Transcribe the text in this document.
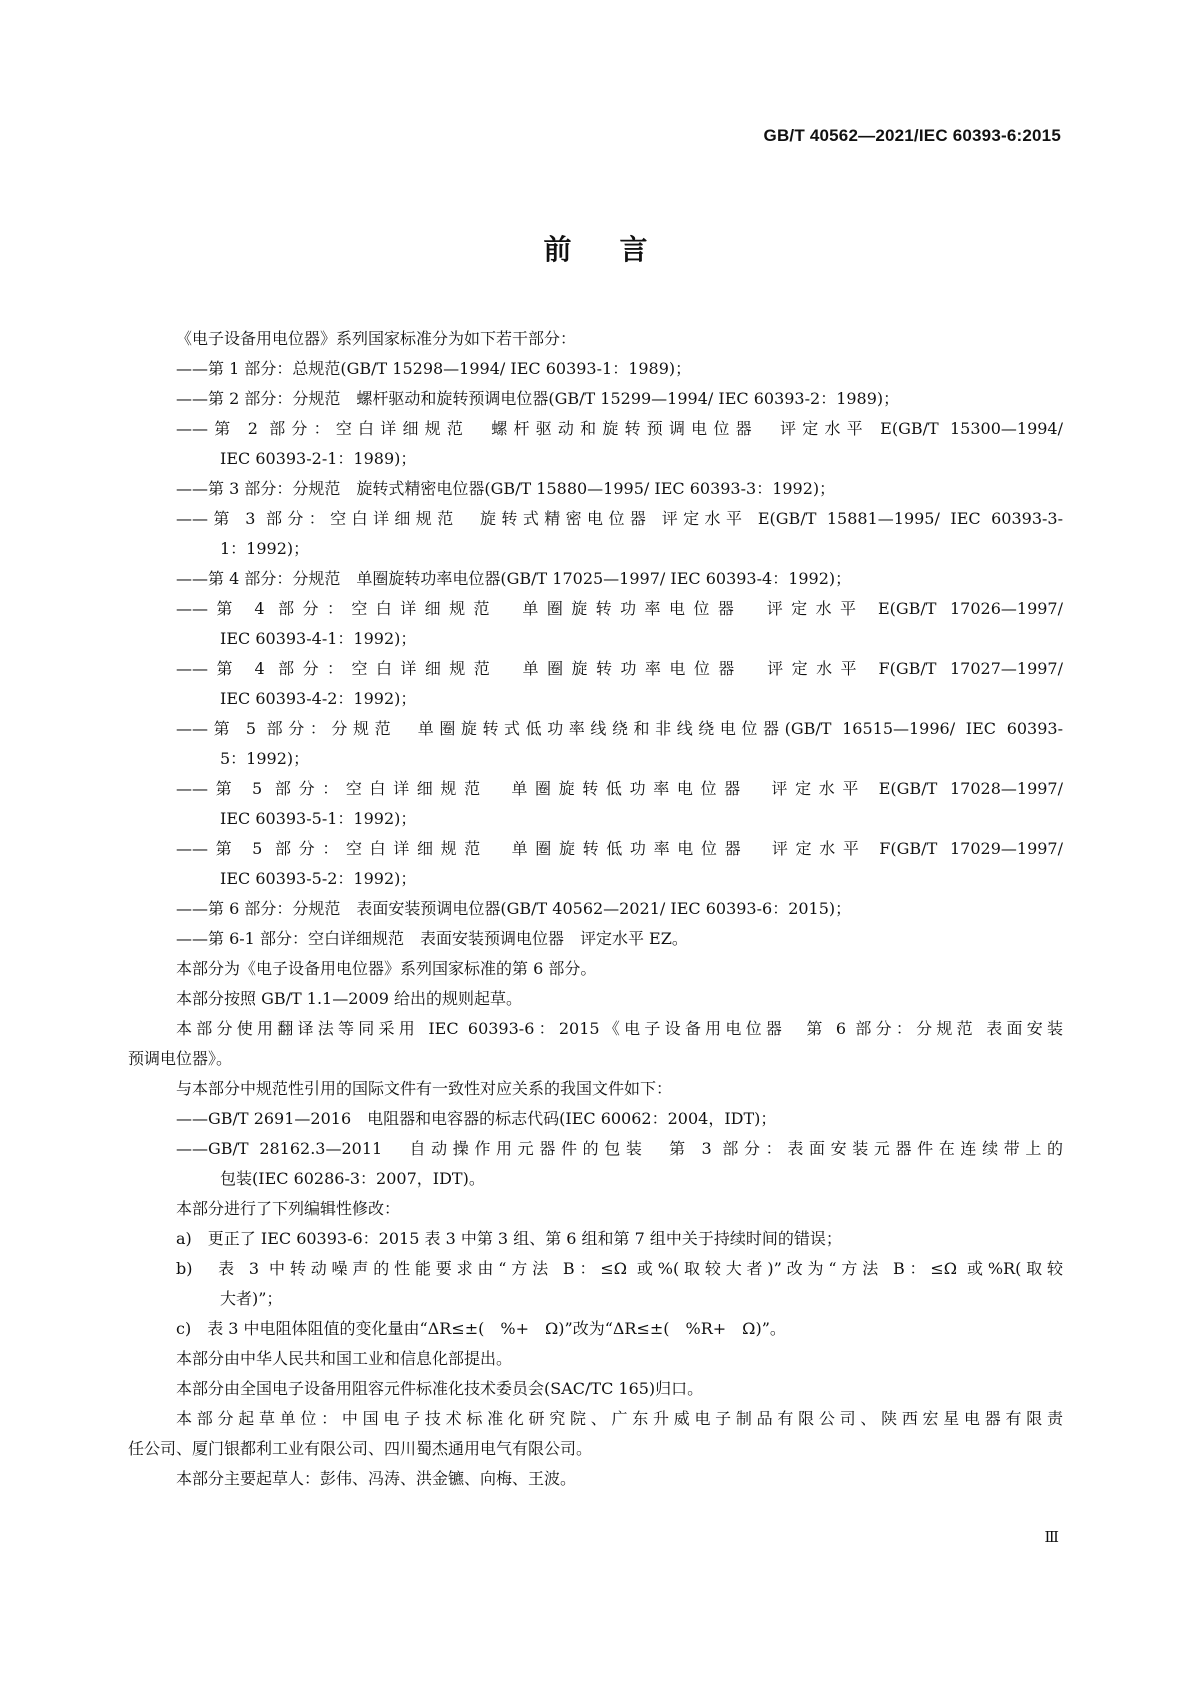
GB/T 40562—2021/IEC 60393-6:2015
前 言
《电子设备用电位器》系列国家标准分为如下若干部分：
——第 1 部分：总规范(GB/T 15298—1994/ IEC 60393-1：1989)；
——第 2 部分：分规范　螺杆驱动和旋转预调电位器(GB/T 15299—1994/ IEC 60393-2：1989)；
——第 2 部分：空白详细规范　螺杆驱动和旋转预调电位器　评定水平 E(GB/T 15300—1994/
IEC 60393-2-1：1989)；
——第 3 部分：分规范　旋转式精密电位器(GB/T 15880—1995/ IEC 60393-3：1992)；
——第 3 部分：空白详细规范　旋转式精密电位器 评定水平 E(GB/T 15881—1995/ IEC 60393-3-
1：1992)；
——第 4 部分：分规范　单圈旋转功率电位器(GB/T 17025—1997/ IEC 60393-4：1992)；
——第 4 部分：空白详细规范　单圈旋转功率电位器　评定水平 E(GB/T 17026—1997/
IEC 60393-4-1：1992)；
——第 4 部分：空白详细规范　单圈旋转功率电位器　评定水平 F(GB/T 17027—1997/
IEC 60393-4-2：1992)；
——第 5 部分：分规范　单圈旋转式低功率线绕和非线绕电位器(GB/T 16515—1996/ IEC 60393-
5：1992)；
——第 5 部分：空白详细规范　单圈旋转低功率电位器　评定水平 E(GB/T 17028—1997/
IEC 60393-5-1：1992)；
——第 5 部分：空白详细规范　单圈旋转低功率电位器　评定水平 F(GB/T 17029—1997/
IEC 60393-5-2：1992)；
——第 6 部分：分规范　表面安装预调电位器(GB/T 40562—2021/ IEC 60393-6：2015)；
——第 6-1 部分：空白详细规范　表面安装预调电位器　评定水平 EZ。
本部分为《电子设备用电位器》系列国家标准的第 6 部分。
本部分按照 GB/T 1.1—2009 给出的规则起草。
本部分使用翻译法等同采用 IEC 60393-6：2015《电子设备用电位器　第 6 部分：分规范 表面安装
预调电位器》。
与本部分中规范性引用的国际文件有一致性对应关系的我国文件如下：
——GB/T 2691—2016　电阻器和电容器的标志代码(IEC 60062：2004，IDT)；
——GB/T 28162.3—2011　自动操作用元器件的包装　第 3 部分：表面安装元器件在连续带上的
包装(IEC 60286-3：2007，IDT)。
本部分进行了下列编辑性修改：
a)　更正了 IEC 60393-6：2015 表 3 中第 3 组、第 6 组和第 7 组中关于持续时间的错误；
b)　表 3 中转动噪声的性能要求由“方法 B：≤Ω 或%(取较大者)”改为“方法 B：≤Ω 或%R(取较
大者)”；
c)　表 3 中电阻体阻值的变化量由“ΔR≤±(　%+　Ω)”改为“ΔR≤±(　%R+　Ω)”。
本部分由中华人民共和国工业和信息化部提出。
本部分由全国电子设备用阻容元件标准化技术委员会(SAC/TC 165)归口。
本部分起草单位：中国电子技术标准化研究院、广东升威电子制品有限公司、陕西宏星电器有限责
任公司、厦门银都利工业有限公司、四川蜀杰通用电气有限公司。
本部分主要起草人：彭伟、冯涛、洪金镳、向梅、王波。
Ⅲ
